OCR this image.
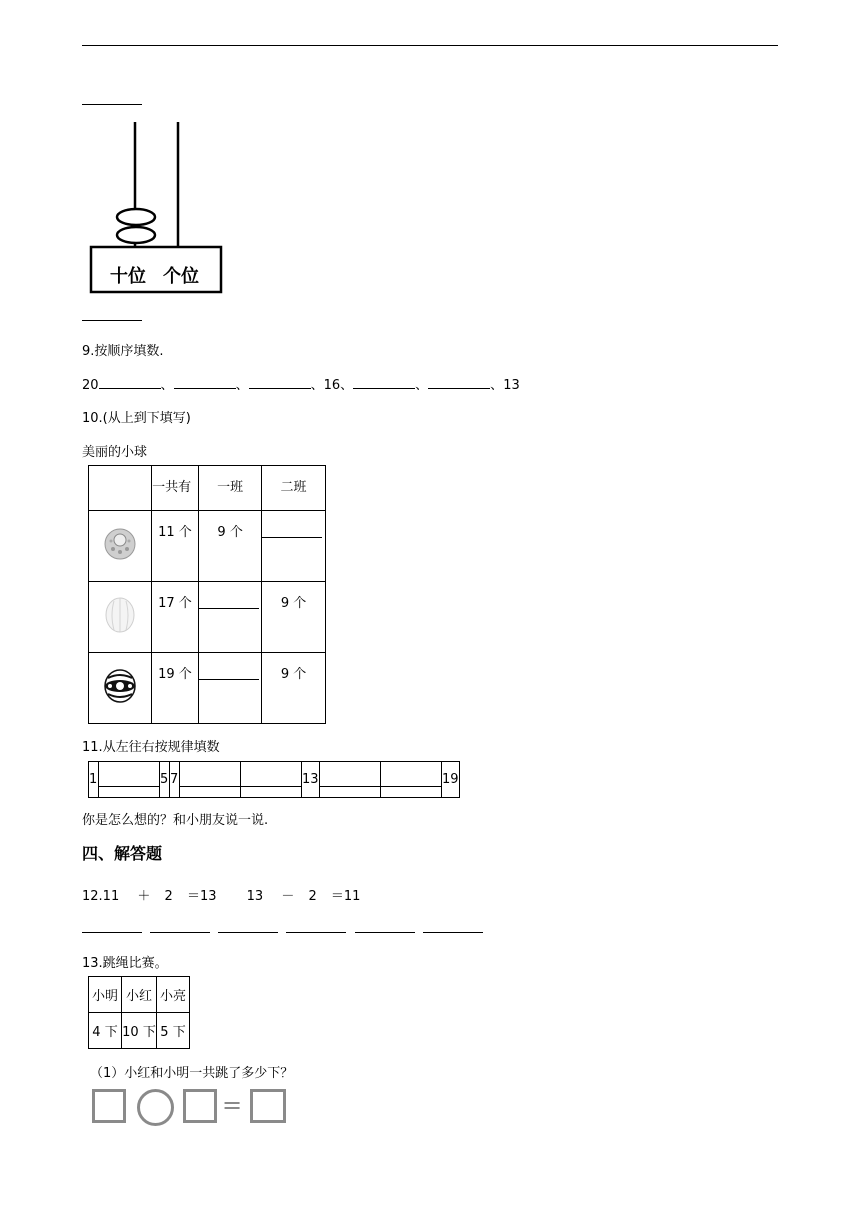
十位 个位
9.按顺序填数.
20	、	、	、16、	、	、13
10.(从上到下填写)
美丽的小球
	一共有	一班	二班
	11 个	9 个	
	17 个		9 个
	19 个		9 个
11.从左往右按规律填数
1		5	7			13			19
你是怎么想的？和小朋友说一说.
四、解答题
12.11 ＋ 2 ＝13 13 － 2 ＝11

13.跳绳比赛。
小明	小红	小亮
4 下	10 下	5 下
（1）小红和小明一共跳了多少下？
=
